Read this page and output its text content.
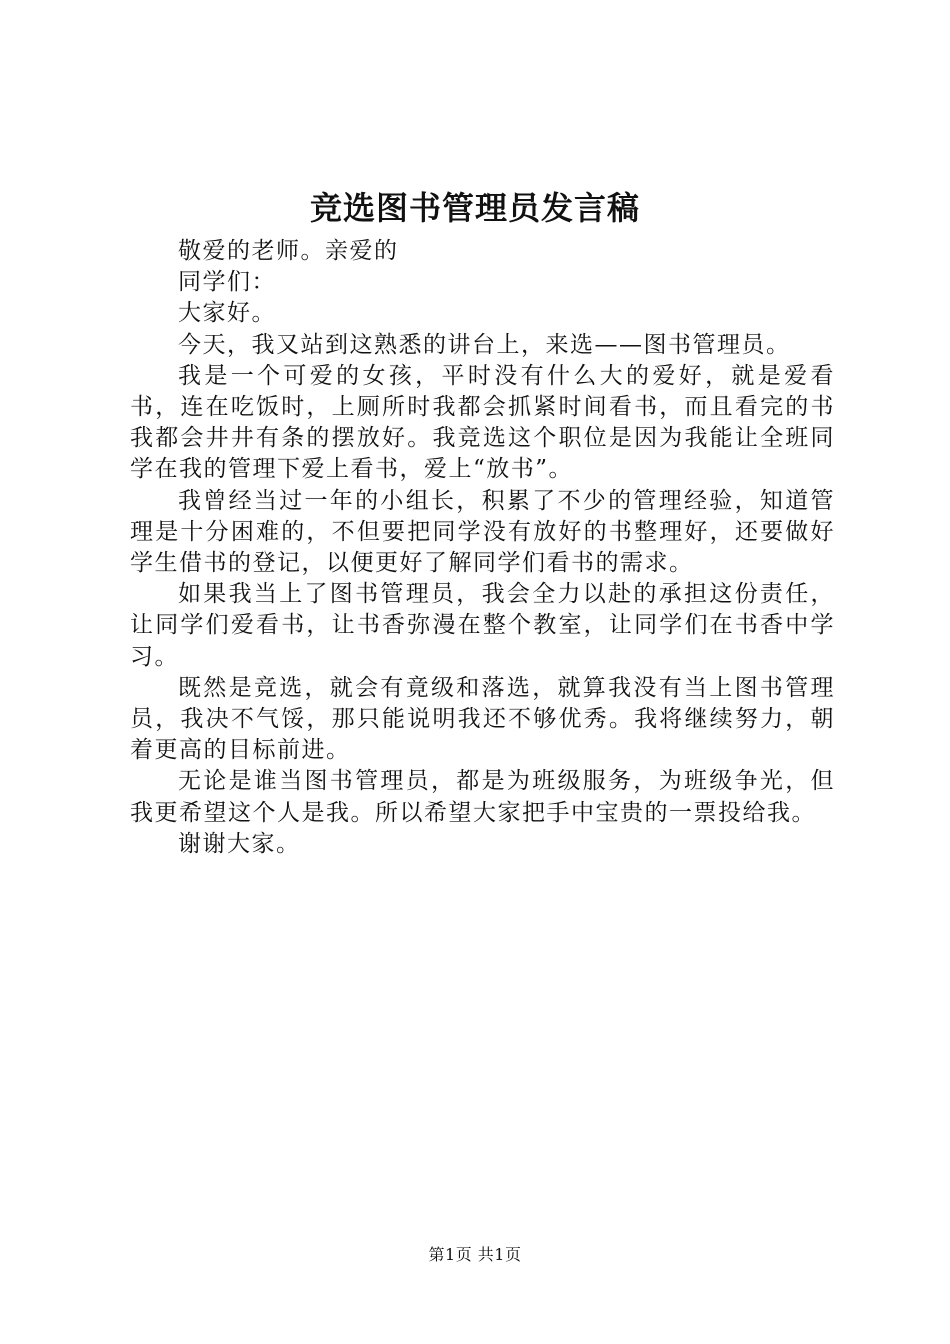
竞选图书管理员发言稿

敬爱的老师。亲爱的

同学们：

大家好。

今天，我又站到这熟悉的讲台上，来选——图书管理员。

我是一个可爱的女孩，平时没有什么大的爱好，就是爱看书，连在吃饭时，上厕所时我都会抓紧时间看书，而且看完的书我都会井井有条的摆放好。我竞选这个职位是因为我能让全班同学在我的管理下爱上看书，爱上“放书”。

我曾经当过一年的小组长，积累了不少的管理经验，知道管理是十分困难的，不但要把同学没有放好的书整理好，还要做好学生借书的登记，以便更好了解同学们看书的需求。

如果我当上了图书管理员，我会全力以赴的承担这份责任，让同学们爱看书，让书香弥漫在整个教室，让同学们在书香中学习。

既然是竞选，就会有竟级和落选，就算我没有当上图书管理员，我决不气馁，那只能说明我还不够优秀。我将继续努力，朝着更高的目标前进。

无论是谁当图书管理员，都是为班级服务，为班级争光，但我更希望这个人是我。所以希望大家把手中宝贵的一票投给我。

谢谢大家。

第1页 共1页
